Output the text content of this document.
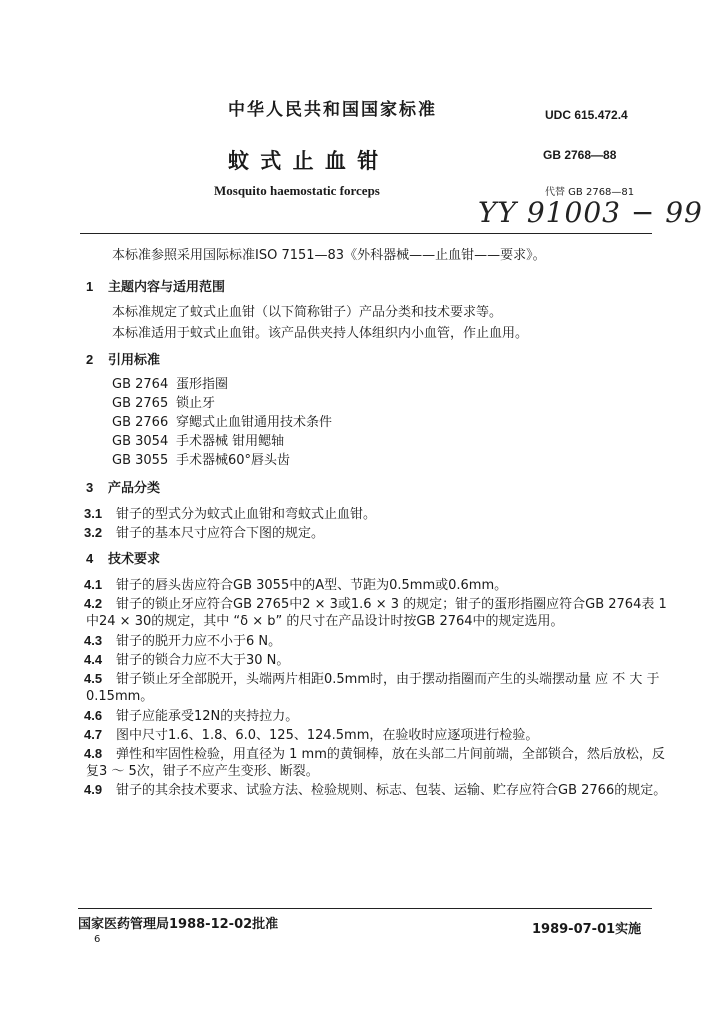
中华人民共和国国家标准	UDC 615.472.4
蚊 式 止 血 钳	GB 2768—88
Mosquito haemostatic forceps	代替 GB 2768—81
YY 91003 − 99
本标准参照采用国际标准ISO 7151—83《外科器械——止血钳——要求》。
1 主题内容与适用范围
本标准规定了蚊式止血钳（以下简称钳子）产品分类和技术要求等。
本标准适用于蚊式止血钳。该产品供夹持人体组织内小血管，作止血用。
2 引用标准
GB 2764 蛋形指圈
GB 2765 锁止牙
GB 2766 穿鳃式止血钳通用技术条件
GB 3054 手术器械 钳用鳃轴
GB 3055 手术器械60°唇头齿
3 产品分类
3.1 钳子的型式分为蚊式止血钳和弯蚊式止血钳。
3.2 钳子的基本尺寸应符合下图的规定。
4 技术要求
4.1 钳子的唇头齿应符合GB 3055中的A型、节距为0.5mm或0.6mm。
4.2 钳子的锁止牙应符合GB 2765中2 × 3或1.6 × 3 的规定；钳子的蛋形指圈应符合GB 2764表 1
中24 × 30的规定，其中 “δ × b” 的尺寸在产品设计时按GB 2764中的规定选用。
4.3 钳子的脱开力应不小于6 N。
4.4 钳子的锁合力应不大于30 N。
4.5 钳子锁止牙全部脱开，头端两片相距0.5mm时，由于摆动指圈而产生的头端摆动量 应 不 大 于
0.15mm。
4.6 钳子应能承受12N的夹持拉力。
4.7 图中尺寸1.6、1.8、6.0、125、124.5mm，在验收时应逐项进行检验。
4.8 弹性和牢固性检验，用直径为 1 mm的黄铜棒，放在头部二片间前端，全部锁合，然后放松，反
复3 ～ 5次，钳子不应产生变形、断裂。
4.9 钳子的其余技术要求、试验方法、检验规则、标志、包装、运输、贮存应符合GB 2766的规定。
国家医药管理局1988-12-02批准	1989-07-01实施
6
